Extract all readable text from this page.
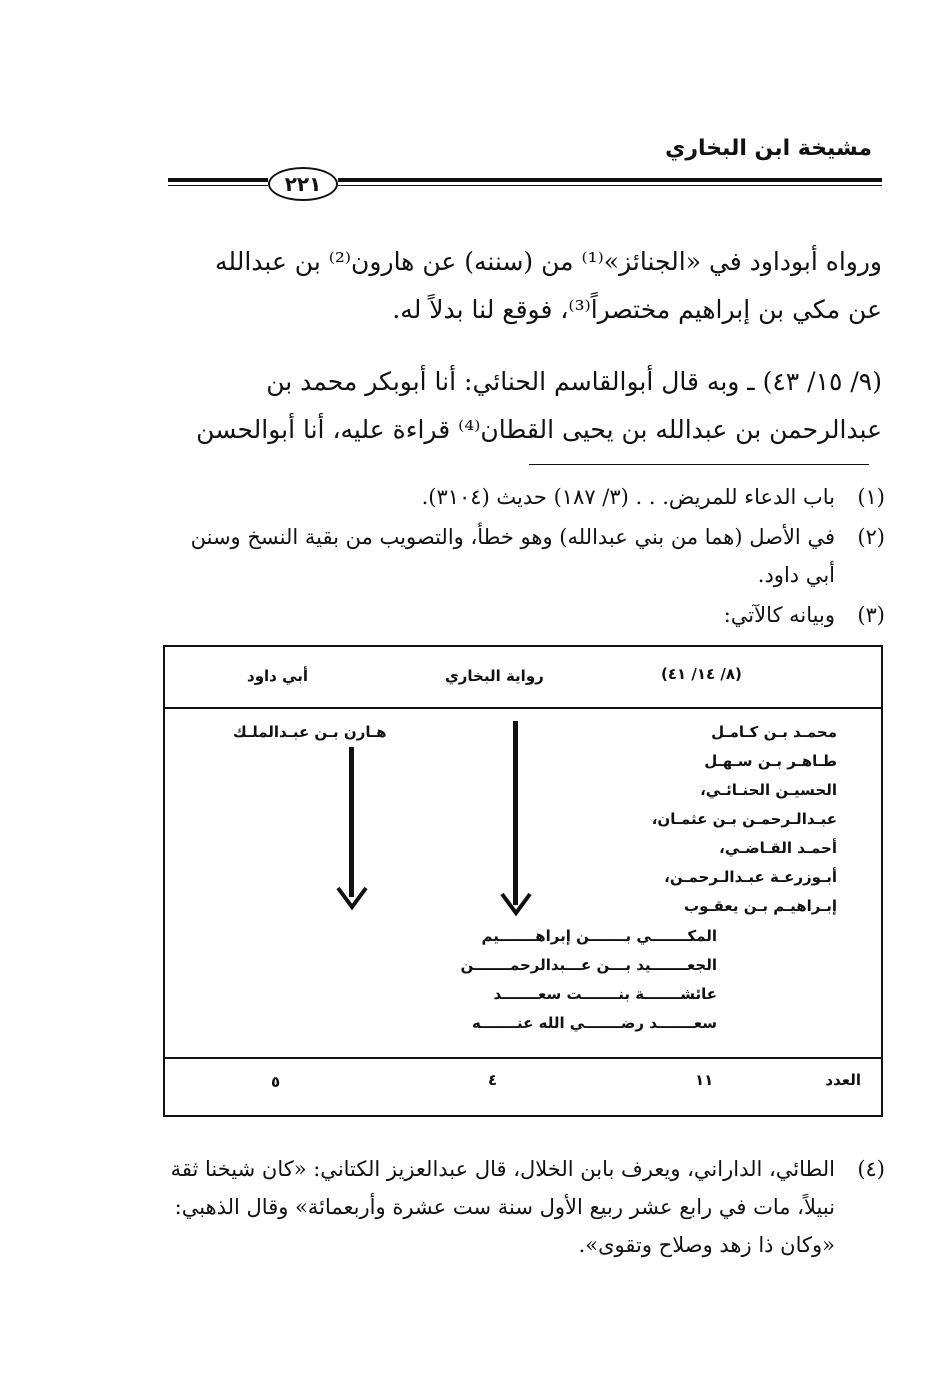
مشيخة ابن البخاري
٢٢١
ورواه أبوداود في «الجنائز»⁽¹⁾ من (سننه) عن هارون⁽²⁾ بن عبدالله
عن مكي بن إبراهيم مختصراً⁽³⁾، فوقع لنا بدلاً له.
(٩/ ١٥/ ٤٣) ـ وبه قال أبوالقاسم الحنائي: أنا أبوبكر محمد بن
عبدالرحمن بن عبدالله بن يحيى القطان⁽⁴⁾ قراءة عليه، أنا أبوالحسن
(١)
باب الدعاء للمريض. . . (٣/ ١٨٧) حديث (٣١٠٤).
(٢)
في الأصل (هما من بني عبدالله) وهو خطأ، والتصويب من بقية النسخ وسنن أبي داود.
(٣)
وبيانه كالآتي:
(٨/ ١٤/ ٤١)
رواية البخاري
أبي داود
هـارن بـن عبـدالملـك	محمـد بـن كـامـل
طـاهـر بـن سـهـل
الحسيـن الحنـائـي،
عبـدالـرحمـن بـن عثمـان،
أحمـد القـاضـي،
أبـوزرعـة عبـدالـرحمـن،
إبـراهيـم بـن يعقـوب
المكـــــــي بـــــــن إبراهـــــــيم
الجعـــــــيد بـــن عـــبدالرحمـــــــن
عائشـــــــة بنـــــــت سعـــــــد
سعـــــــد رضـــــــي الله عنـــــــه
العدد
١١
٤
٥
(٤)
الطائي، الداراني، ويعرف بابن الخلال، قال عبدالعزيز الكتاني: «كان شيخنا ثقة نبيلاً، مات في رابع عشر ربيع الأول سنة ست عشرة وأربعمائة» وقال الذهبي: «وكان ذا زهد وصلاح وتقوى».
